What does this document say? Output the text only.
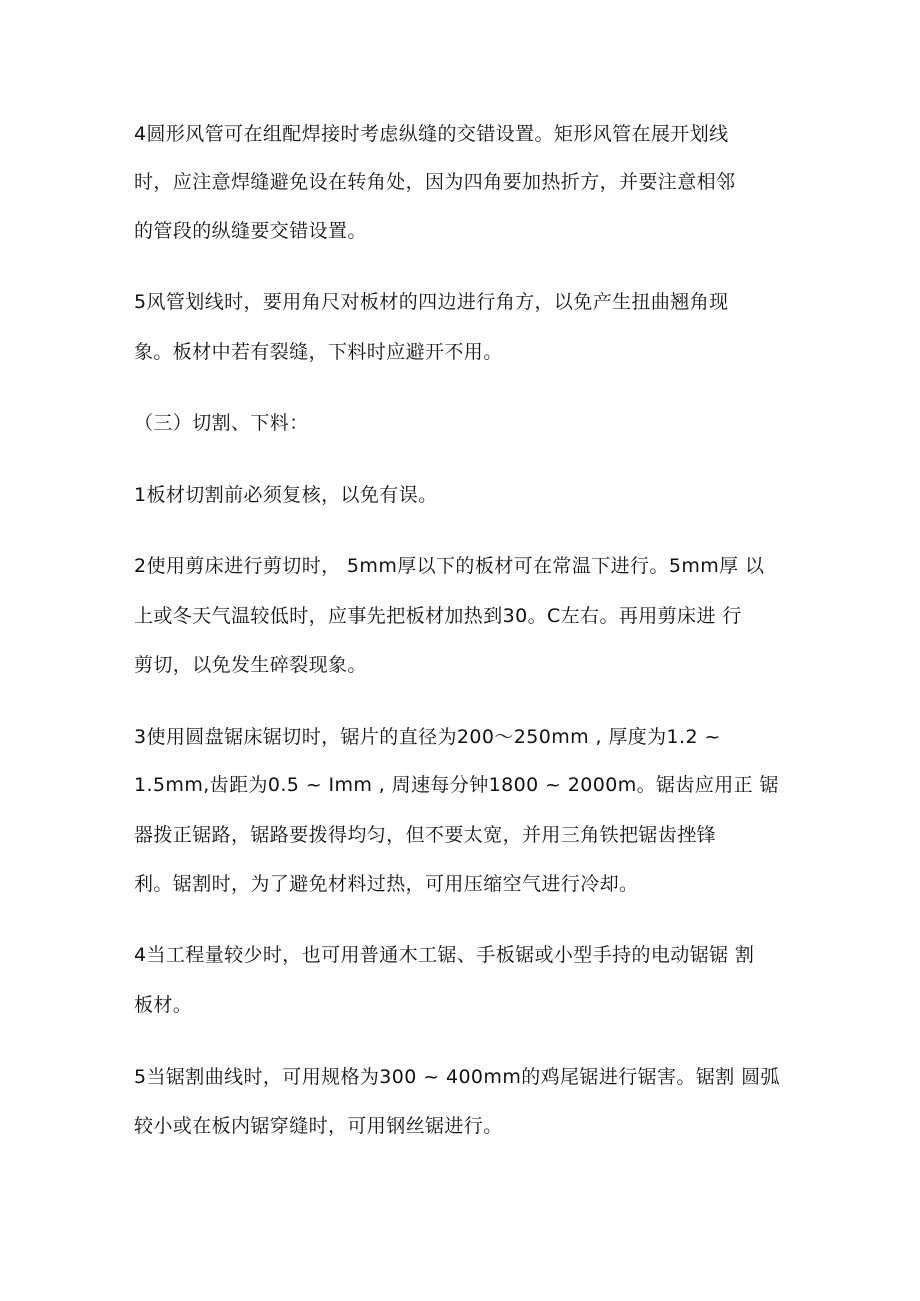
4圆形风管可在组配焊接时考虑纵缝的交错设置。矩形风管在展开划线
时，应注意焊缝避免设在转角处，因为四角要加热折方，并要注意相邻
的管段的纵缝要交错设置。
5风管划线时，要用角尺对板材的四边进行角方，以免产生扭曲翘角现
象。板材中若有裂缝，下料时应避开不用。
（三）切割、下料：
1板材切割前必须复核，以免有误。
2使用剪床进行剪切时， 5mm厚以下的板材可在常温下进行。5mm厚 以
上或冬天气温较低时，应事先把板材加热到30。C左右。再用剪床进 行
剪切，以免发生碎裂现象。
3使用圆盘锯床锯切时，锯片的直径为200～250mm , 厚度为1.2 ~
1.5mm,齿距为0.5 ~ Imm , 周速每分钟1800 ~ 2000m。锯齿应用正 锯
器拨正锯路，锯路要拨得均匀，但不要太宽，并用三角铁把锯齿挫锋
利。锯割时，为了避免材料过热，可用压缩空气进行冷却。
4当工程量较少时，也可用普通木工锯、手板锯或小型手持的电动锯锯 割
板材。
5当锯割曲线时，可用规格为300 ~ 400mm的鸡尾锯进行锯害。锯割 圆弧
较小或在板内锯穿缝时，可用钢丝锯进行。
